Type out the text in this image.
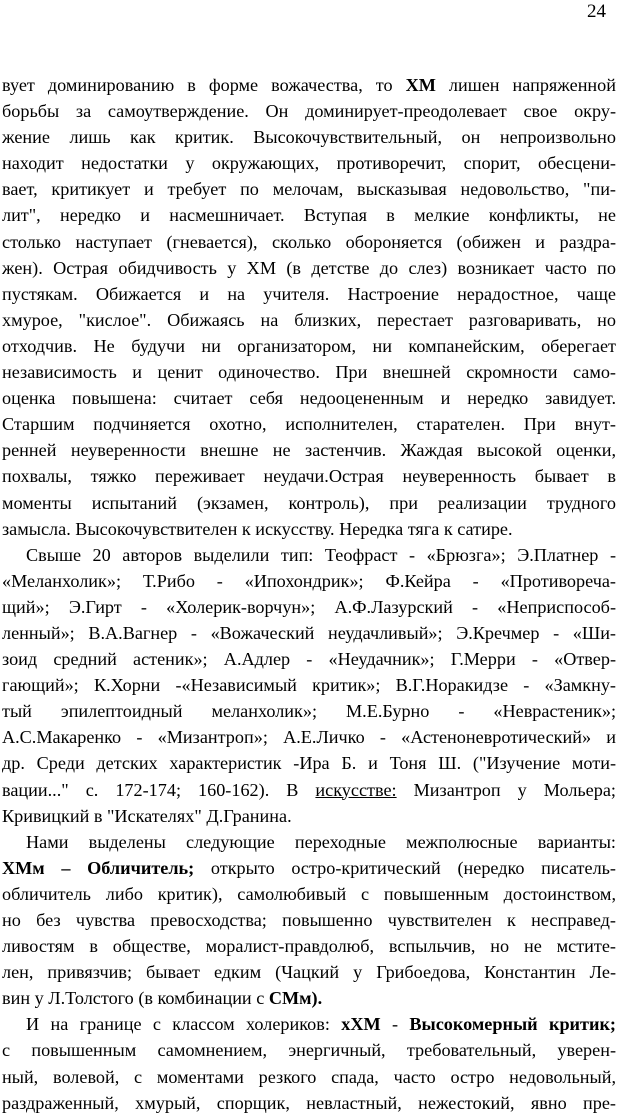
24
вует доминированию в форме вожачества, то ХМ лишен напряженной
борьбы за самоутверждение. Он доминирует-преодолевает свое окру-
жение лишь как критик. Высокочувствительный, он непроизвольно
находит недостатки у окружающих, противоречит, спорит, обесцени-
вает, критикует и требует по мелочам, высказывая недовольство, "пи-
лит", нередко и насмешничает. Вступая в мелкие конфликты, не
столько наступает (гневается), сколько обороняется (обижен и раздра-
жен). Острая обидчивость у ХМ (в детстве до слез) возникает часто по
пустякам. Обижается и на учителя. Настроение нерадостное, чаще
хмурое, "кислое". Обижаясь на близких, перестает разговаривать, но
отходчив. Не будучи ни организатором, ни компанейским, оберегает
независимость и ценит одиночество. При внешней скромности само-
оценка повышена: считает себя недооцененным и нередко завидует.
Старшим подчиняется охотно, исполнителен, старателен. При внут-
ренней неуверенности внешне не застенчив. Жаждая высокой оценки,
похвалы, тяжко переживает неудачи.Острая неуверенность бывает в
моменты испытаний (экзамен, контроль), при реализации трудного
замысла. Высокочувствителен к искусству. Нередка тяга к сатире.
Свыше 20 авторов выделили тип: Теофраст - «Брюзга»; Э.Платнер -
«Меланхолик»; Т.Рибо - «Ипохондрик»; Ф.Кейра - «Противореча-
щий»; Э.Гирт - «Холерик-ворчун»; А.Ф.Лазурский - «Неприспособ-
ленный»; В.А.Вагнер - «Вожаческий неудачливый»; Э.Кречмер - «Ши-
зоид средний астеник»; А.Адлер - «Неудачник»; Г.Мерри - «Отвер-
гающий»; К.Хорни -«Независимый критик»; В.Г.Норакидзе - «Замкну-
тый эпилептоидный меланхолик»; М.Е.Бурно - «Неврастеник»;
А.С.Макаренко - «Мизантроп»; А.Е.Личко - «Астеноневротический» и
др. Среди детских характеристик -Ира Б. и Тоня Ш. ("Изучение моти-
вации..." с. 172-174; 160-162). В искусстве: Мизантроп у Мольера;
Кривицкий в "Искателях" Д.Гранина.
Нами выделены следующие переходные межполюсные варианты:
ХМм – Обличитель; открыто остро-критический (нередко писатель-
обличитель либо критик), самолюбивый с повышенным достоинством,
но без чувства превосходства; повышенно чувствителен к несправед-
ливостям в обществе, моралист-правдолюб, вспыльчив, но не мстите-
лен, привязчив; бывает едким (Чацкий у Грибоедова, Константин Ле-
вин у Л.Толстого (в комбинации с СМм).
И на границе с классом холериков: хХМ - Высокомерный критик;
с повышенным самомнением, энергичный, требовательный, уверен-
ный, волевой, с моментами резкого спада, часто остро недовольный,
раздраженный, хмурый, спорщик, невластный, нежестокий, явно пре-
